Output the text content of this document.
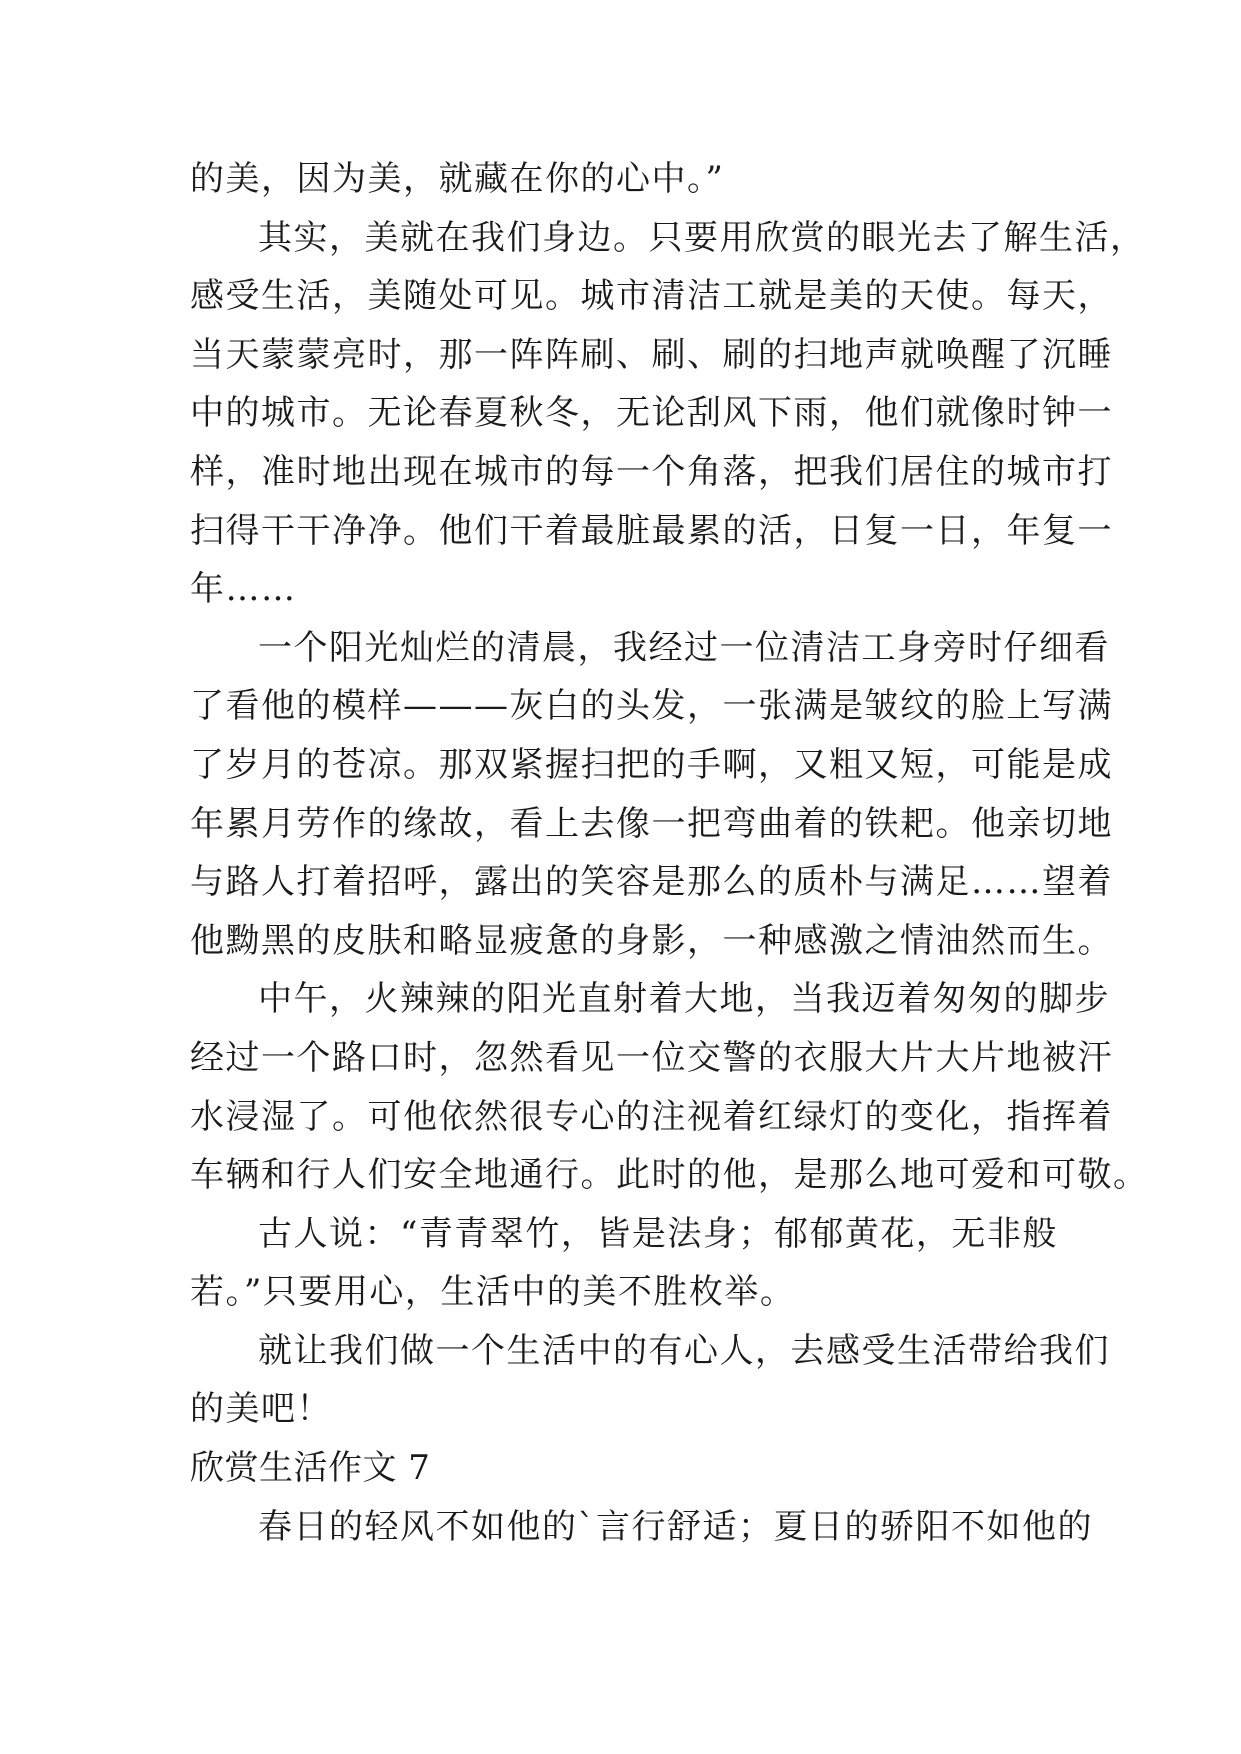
的美，因为美，就藏在你的心中。”
其实，美就在我们身边。只要用欣赏的眼光去了解生活，
感受生活，美随处可见。城市清洁工就是美的天使。每天，
当天蒙蒙亮时，那一阵阵刷、刷、刷的扫地声就唤醒了沉睡
中的城市。无论春夏秋冬，无论刮风下雨，他们就像时钟一
样，准时地出现在城市的每一个角落，把我们居住的城市打
扫得干干净净。他们干着最脏最累的活，日复一日，年复一
年……
一个阳光灿烂的清晨，我经过一位清洁工身旁时仔细看
了看他的模样———灰白的头发，一张满是皱纹的脸上写满
了岁月的苍凉。那双紧握扫把的手啊，又粗又短，可能是成
年累月劳作的缘故，看上去像一把弯曲着的铁耙。他亲切地
与路人打着招呼，露出的笑容是那么的质朴与满足……望着
他黝黑的皮肤和略显疲惫的身影，一种感激之情油然而生。
中午，火辣辣的阳光直射着大地，当我迈着匆匆的脚步
经过一个路口时，忽然看见一位交警的衣服大片大片地被汗
水浸湿了。可他依然很专心的注视着红绿灯的变化，指挥着
车辆和行人们安全地通行。此时的他，是那么地可爱和可敬。
古人说：“青青翠竹，皆是法身；郁郁黄花，无非般
若。”只要用心，生活中的美不胜枚举。
就让我们做一个生活中的有心人，去感受生活带给我们
的美吧！
欣赏生活作文 7
春日的轻风不如他的`言行舒适；夏日的骄阳不如他的
